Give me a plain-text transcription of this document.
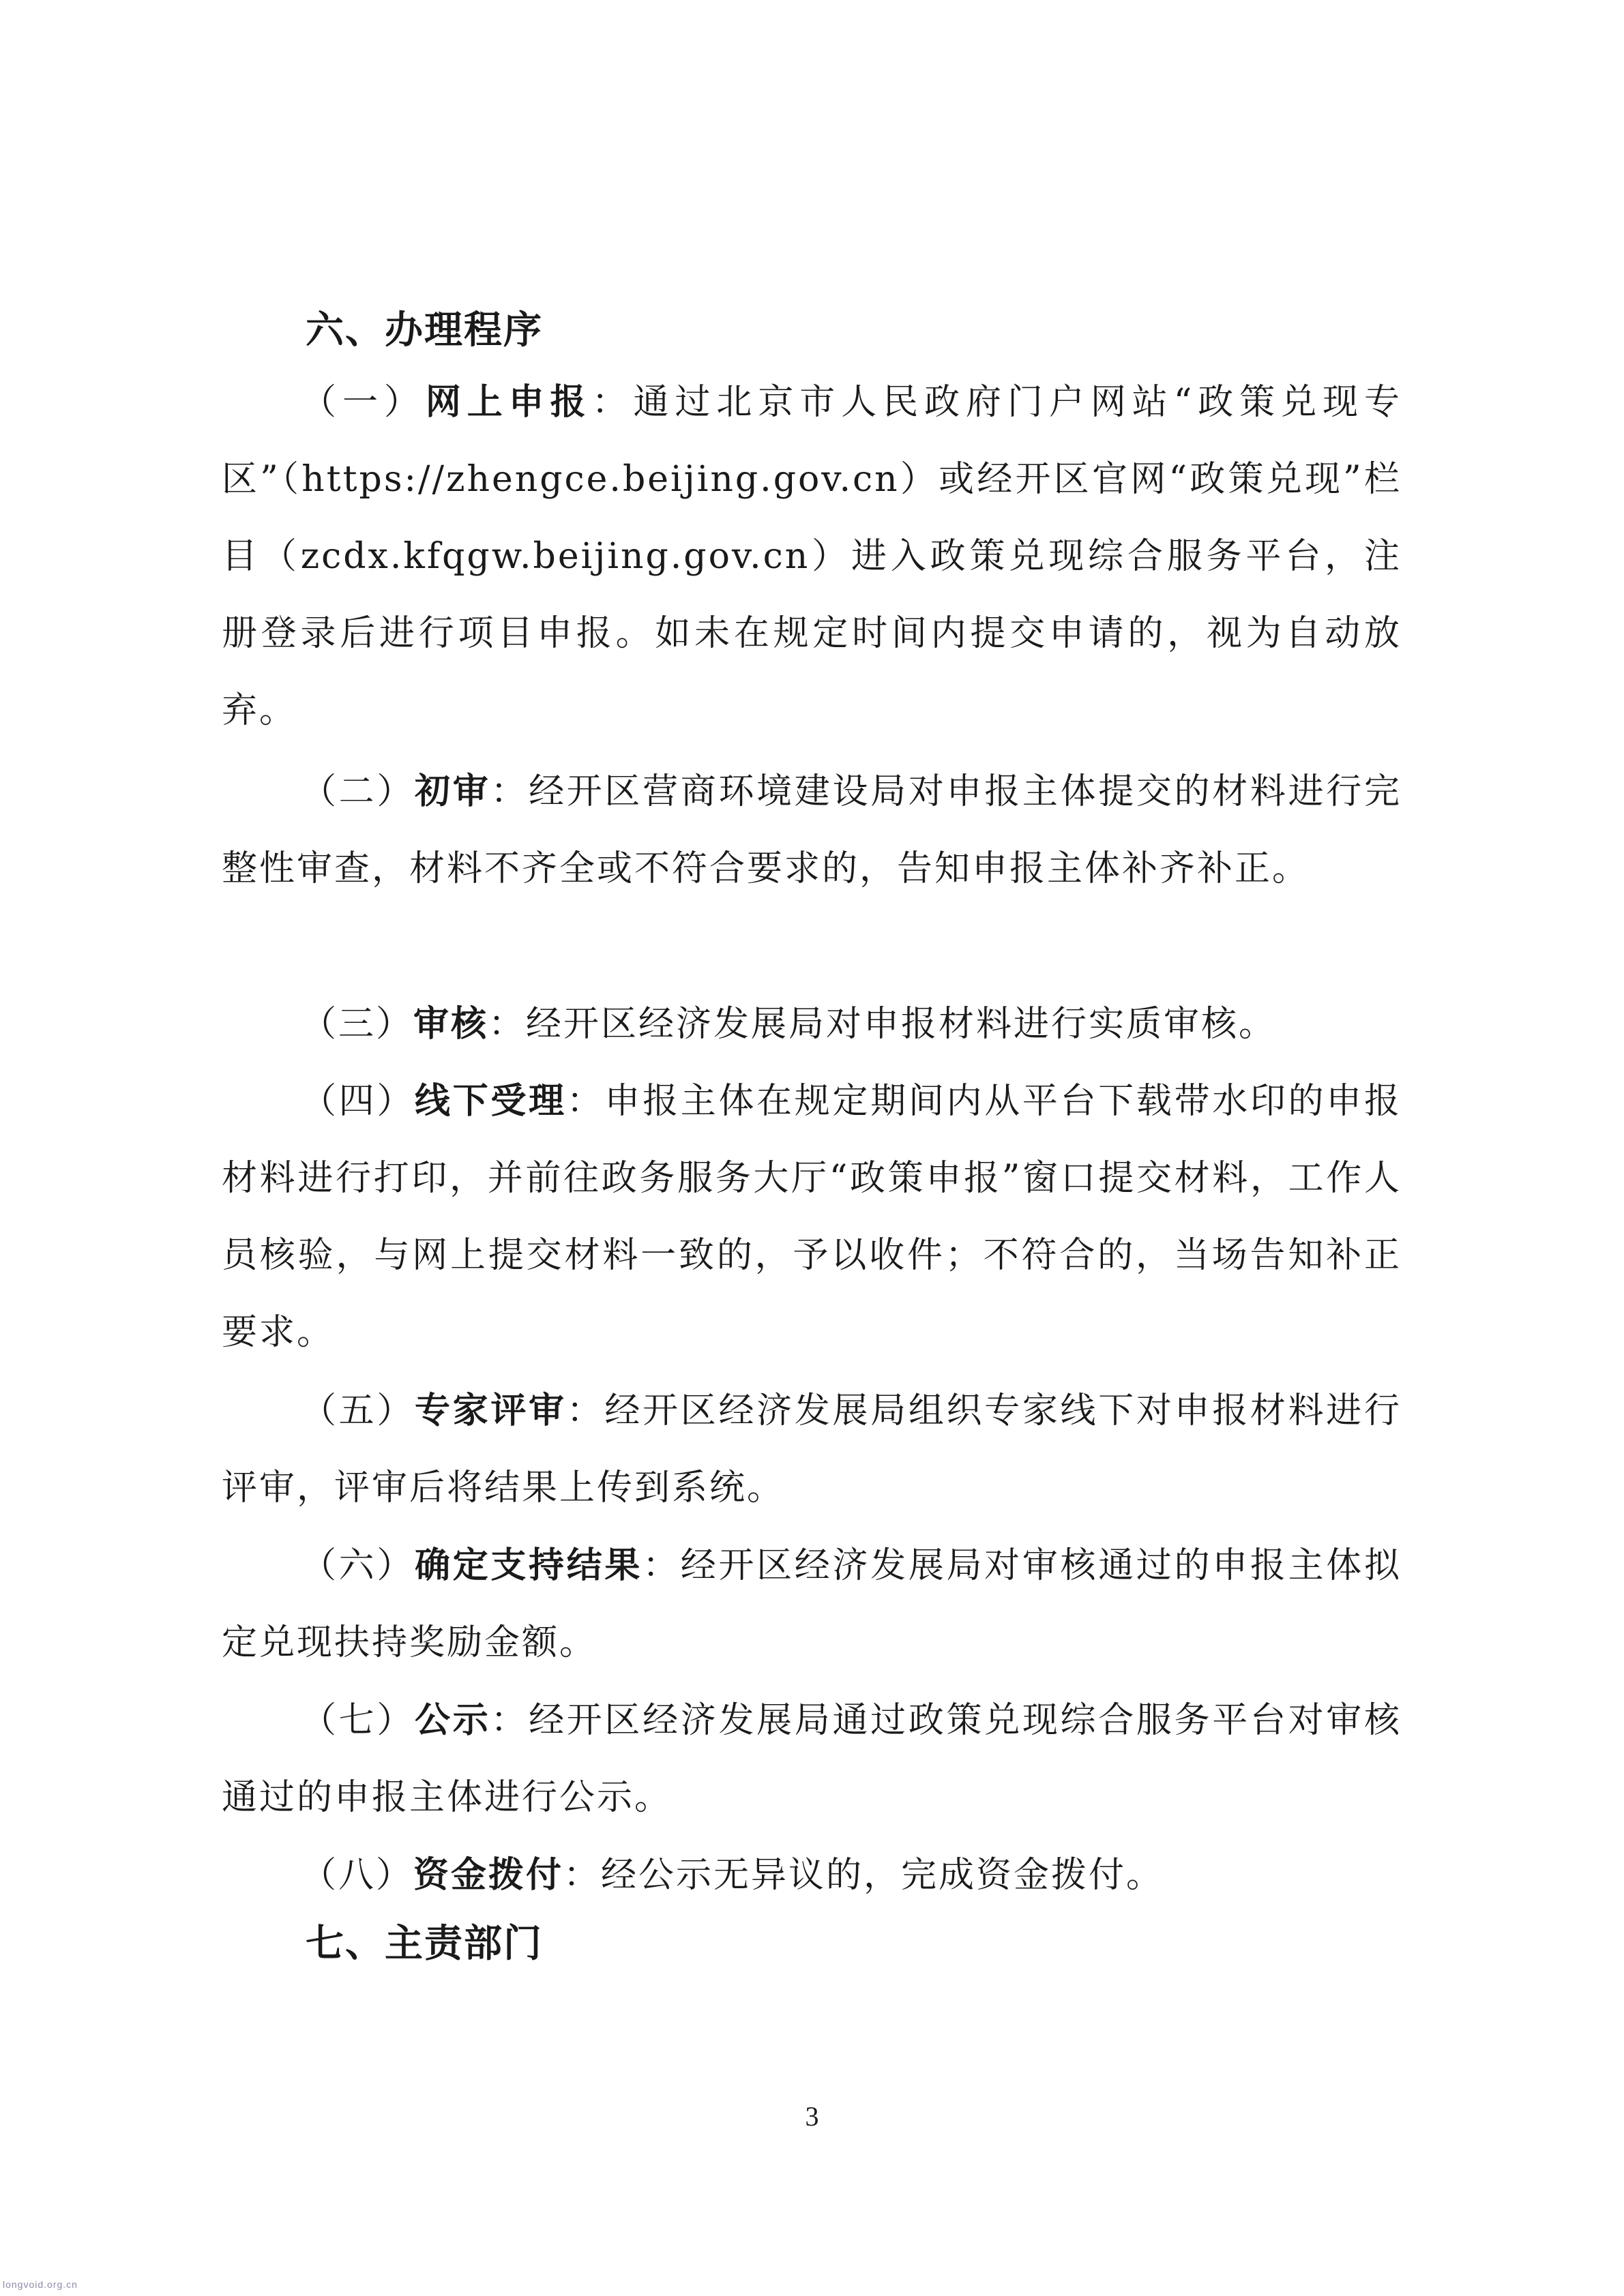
六、办理程序

（一）网上申报：通过北京市人民政府门户网站“政策兑现专区”（https://zhengce.beijing.gov.cn）或经开区官网“政策兑现”栏目（zcdx.kfqgw.beijing.gov.cn）进入政策兑现综合服务平台，注册登录后进行项目申报。如未在规定时间内提交申请的，视为自动放弃。

（二）初审：经开区营商环境建设局对申报主体提交的材料进行完整性审查，材料不齐全或不符合要求的，告知申报主体补齐补正。

（三）审核：经开区经济发展局对申报材料进行实质审核。

（四）线下受理：申报主体在规定期间内从平台下载带水印的申报材料进行打印，并前往政务服务大厅“政策申报”窗口提交材料，工作人员核验，与网上提交材料一致的，予以收件；不符合的，当场告知补正要求。

（五）专家评审：经开区经济发展局组织专家线下对申报材料进行评审，评审后将结果上传到系统。

（六）确定支持结果：经开区经济发展局对审核通过的申报主体拟定兑现扶持奖励金额。

（七）公示：经开区经济发展局通过政策兑现综合服务平台对审核通过的申报主体进行公示。

（八）资金拨付：经公示无异议的，完成资金拨付。

七、主责部门
3
longvoid.org.cn
